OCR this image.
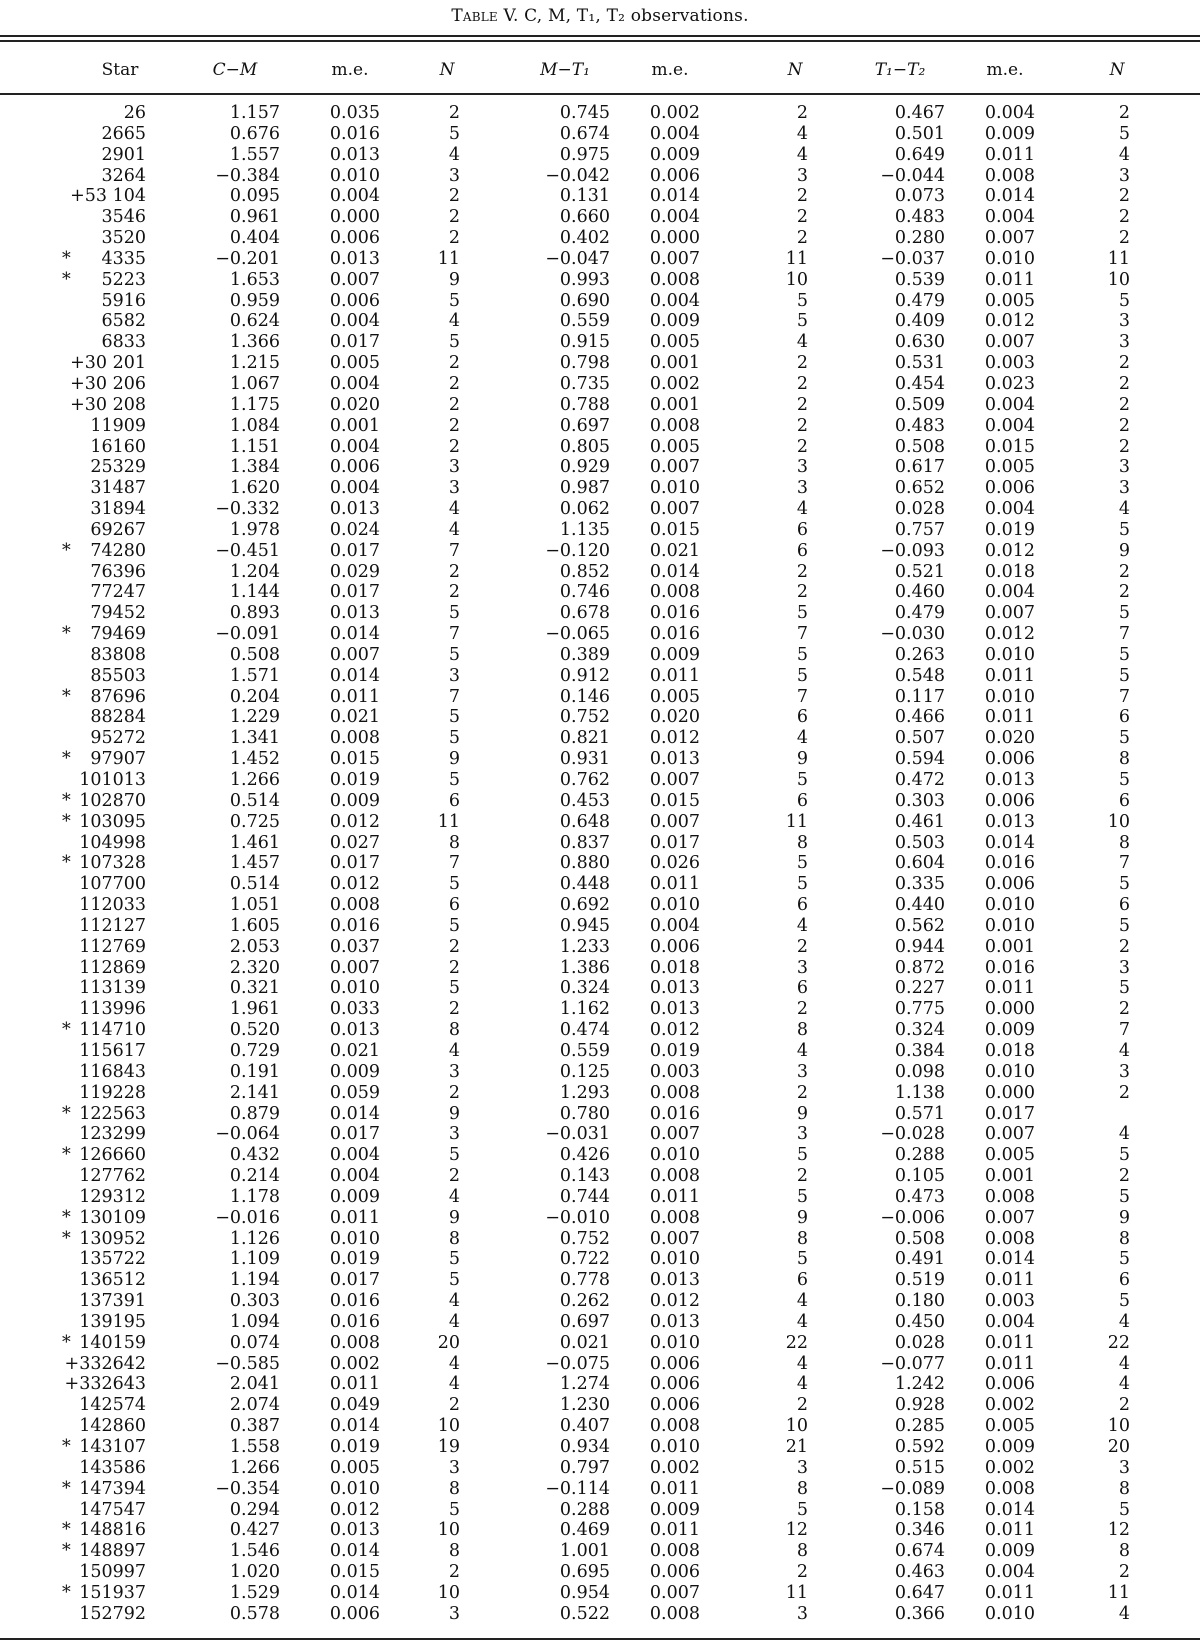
Table V. C, M, T₁, T₂ observations.
Star	C−M	m.e.	N	M−T₁	m.e.	N	T₁−T₂	m.e.	N
26	1.157	0.035	2	0.745	0.002	2	0.467	0.004	2
2665	0.676	0.016	5	0.674	0.004	4	0.501	0.009	5
2901	1.557	0.013	4	0.975	0.009	4	0.649	0.011	4
3264	−0.384	0.010	3	−0.042	0.006	3	−0.044	0.008	3
+53 104	0.095	0.004	2	0.131	0.014	2	0.073	0.014	2
3546	0.961	0.000	2	0.660	0.004	2	0.483	0.004	2
3520	0.404	0.006	2	0.402	0.000	2	0.280	0.007	2
*	4335	−0.201	0.013	11	−0.047	0.007	11	−0.037	0.010	11
*	5223	1.653	0.007	9	0.993	0.008	10	0.539	0.011	10
5916	0.959	0.006	5	0.690	0.004	5	0.479	0.005	5
6582	0.624	0.004	4	0.559	0.009	5	0.409	0.012	3
6833	1.366	0.017	5	0.915	0.005	4	0.630	0.007	3
+30 201	1.215	0.005	2	0.798	0.001	2	0.531	0.003	2
+30 206	1.067	0.004	2	0.735	0.002	2	0.454	0.023	2
+30 208	1.175	0.020	2	0.788	0.001	2	0.509	0.004	2
11909	1.084	0.001	2	0.697	0.008	2	0.483	0.004	2
16160	1.151	0.004	2	0.805	0.005	2	0.508	0.015	2
25329	1.384	0.006	3	0.929	0.007	3	0.617	0.005	3
31487	1.620	0.004	3	0.987	0.010	3	0.652	0.006	3
31894	−0.332	0.013	4	0.062	0.007	4	0.028	0.004	4
69267	1.978	0.024	4	1.135	0.015	6	0.757	0.019	5
*	74280	−0.451	0.017	7	−0.120	0.021	6	−0.093	0.012	9
76396	1.204	0.029	2	0.852	0.014	2	0.521	0.018	2
77247	1.144	0.017	2	0.746	0.008	2	0.460	0.004	2
79452	0.893	0.013	5	0.678	0.016	5	0.479	0.007	5
*	79469	−0.091	0.014	7	−0.065	0.016	7	−0.030	0.012	7
83808	0.508	0.007	5	0.389	0.009	5	0.263	0.010	5
85503	1.571	0.014	3	0.912	0.011	5	0.548	0.011	5
*	87696	0.204	0.011	7	0.146	0.005	7	0.117	0.010	7
88284	1.229	0.021	5	0.752	0.020	6	0.466	0.011	6
95272	1.341	0.008	5	0.821	0.012	4	0.507	0.020	5
*	97907	1.452	0.015	9	0.931	0.013	9	0.594	0.006	8
101013	1.266	0.019	5	0.762	0.007	5	0.472	0.013	5
* 102870	0.514	0.009	6	0.453	0.015	6	0.303	0.006	6
* 103095	0.725	0.012	11	0.648	0.007	11	0.461	0.013	10
104998	1.461	0.027	8	0.837	0.017	8	0.503	0.014	8
* 107328	1.457	0.017	7	0.880	0.026	5	0.604	0.016	7
107700	0.514	0.012	5	0.448	0.011	5	0.335	0.006	5
112033	1.051	0.008	6	0.692	0.010	6	0.440	0.010	6
112127	1.605	0.016	5	0.945	0.004	4	0.562	0.010	5
112769	2.053	0.037	2	1.233	0.006	2	0.944	0.001	2
112869	2.320	0.007	2	1.386	0.018	3	0.872	0.016	3
113139	0.321	0.010	5	0.324	0.013	6	0.227	0.011	5
113996	1.961	0.033	2	1.162	0.013	2	0.775	0.000	2
* 114710	0.520	0.013	8	0.474	0.012	8	0.324	0.009	7
115617	0.729	0.021	4	0.559	0.019	4	0.384	0.018	4
116843	0.191	0.009	3	0.125	0.003	3	0.098	0.010	3
119228	2.141	0.059	2	1.293	0.008	2	1.138	0.000	2
* 122563	0.879	0.014	9	0.780	0.016	9	0.571	0.017
123299	−0.064	0.017	3	−0.031	0.007	3	−0.028	0.007	4
* 126660	0.432	0.004	5	0.426	0.010	5	0.288	0.005	5
127762	0.214	0.004	2	0.143	0.008	2	0.105	0.001	2
129312	1.178	0.009	4	0.744	0.011	5	0.473	0.008	5
* 130109	−0.016	0.011	9	−0.010	0.008	9	−0.006	0.007	9
* 130952	1.126	0.010	8	0.752	0.007	8	0.508	0.008	8
135722	1.109	0.019	5	0.722	0.010	5	0.491	0.014	5
136512	1.194	0.017	5	0.778	0.013	6	0.519	0.011	6
137391	0.303	0.016	4	0.262	0.012	4	0.180	0.003	5
139195	1.094	0.016	4	0.697	0.013	4	0.450	0.004	4
* 140159	0.074	0.008	20	0.021	0.010	22	0.028	0.011	22
+332642	−0.585	0.002	4	−0.075	0.006	4	−0.077	0.011	4
+332643	2.041	0.011	4	1.274	0.006	4	1.242	0.006	4
142574	2.074	0.049	2	1.230	0.006	2	0.928	0.002	2
142860	0.387	0.014	10	0.407	0.008	10	0.285	0.005	10
* 143107	1.558	0.019	19	0.934	0.010	21	0.592	0.009	20
143586	1.266	0.005	3	0.797	0.002	3	0.515	0.002	3
* 147394	−0.354	0.010	8	−0.114	0.011	8	−0.089	0.008	8
147547	0.294	0.012	5	0.288	0.009	5	0.158	0.014	5
* 148816	0.427	0.013	10	0.469	0.011	12	0.346	0.011	12
* 148897	1.546	0.014	8	1.001	0.008	8	0.674	0.009	8
150997	1.020	0.015	2	0.695	0.006	2	0.463	0.004	2
* 151937	1.529	0.014	10	0.954	0.007	11	0.647	0.011	11
152792	0.578	0.006	3	0.522	0.008	3	0.366	0.010	4
